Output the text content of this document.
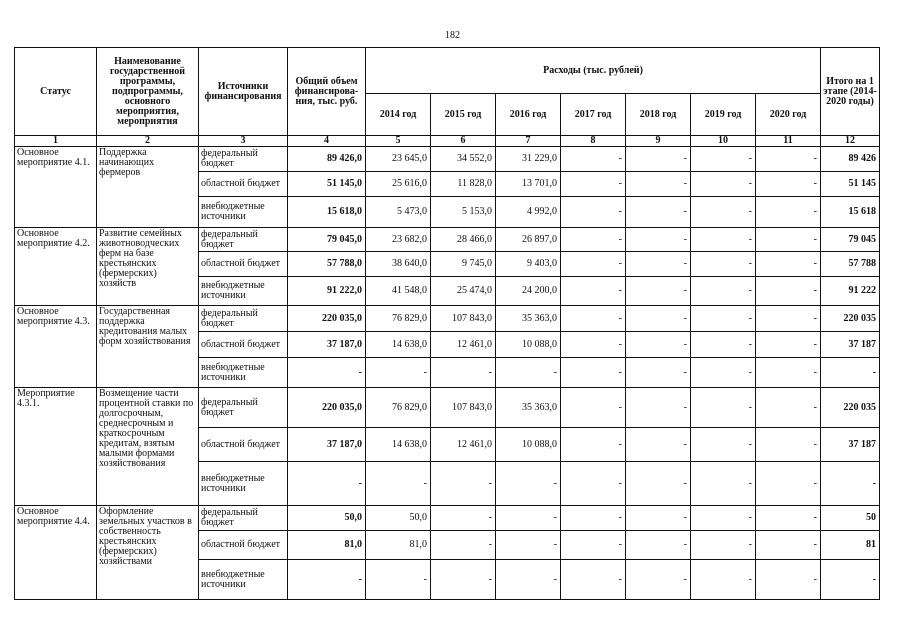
182
Статус	Наименование государственной программы, подпрограммы, основного мероприятия, мероприятия	Источники финансирования	Общий объем финансирова-ния, тыс. руб.	Расходы (тыс. рублей)							Итого на 1 этапе (2014-2020 годы)
				2014 год	2015 год	2016 год	2017 год	2018 год	2019 год	2020 год	
1	2	3	4	5	6	7	8	9	10	11	12
Основное мероприятие 4.1.	Поддержка начинающих фермеров	федеральный бюджет	89 426,0	23 645,0	34 552,0	31 229,0	-	-	-	-	89 426
		областной бюджет	51 145,0	25 616,0	11 828,0	13 701,0	-	-	-	-	51 145
		внебюджетные источники	15 618,0	5 473,0	5 153,0	4 992,0	-	-	-	-	15 618
Основное мероприятие 4.2.	Развитие семейных животноводческих ферм на базе крестьянских (фермерских) хозяйств	федеральный бюджет	79 045,0	23 682,0	28 466,0	26 897,0	-	-	-	-	79 045
		областной бюджет	57 788,0	38 640,0	9 745,0	9 403,0	-	-	-	-	57 788
		внебюджетные источники	91 222,0	41 548,0	25 474,0	24 200,0	-	-	-	-	91 222
Основное мероприятие 4.3.	Государственная поддержка кредитования малых форм хозяйствования	федеральный бюджет	220 035,0	76 829,0	107 843,0	35 363,0	-	-	-	-	220 035
		областной бюджет	37 187,0	14 638,0	12 461,0	10 088,0	-	-	-	-	37 187
		внебюджетные источники	-	-	-	-	-	-	-	-	-
Мероприятие 4.3.1.	Возмещение части процентной ставки по долгосрочным, среднесрочным и краткосрочным кредитам, взятым малыми формами хозяйствования	федеральный бюджет	220 035,0	76 829,0	107 843,0	35 363,0	-	-	-	-	220 035
		областной бюджет	37 187,0	14 638,0	12 461,0	10 088,0	-	-	-	-	37 187
		внебюджетные источники	-	-	-	-	-	-	-	-	-
Основное мероприятие 4.4.	Оформление земельных участков в собственность крестьянских (фермерских) хозяйствами	федеральный бюджет	50,0	50,0	-	-	-	-	-	-	50
		областной бюджет	81,0	81,0	-	-	-	-	-	-	81
		внебюджетные источники	-	-	-	-	-	-	-	-	-
